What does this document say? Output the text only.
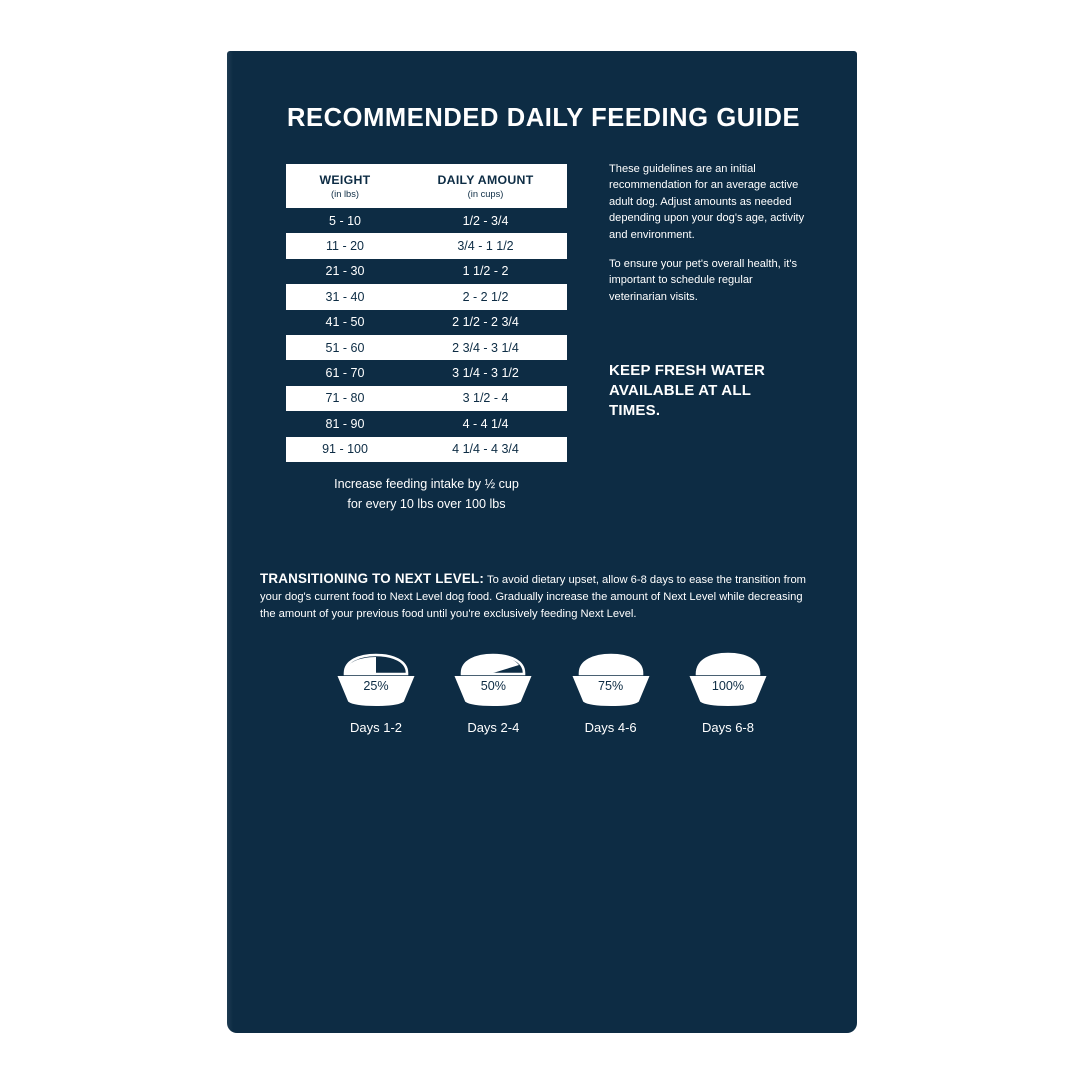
RECOMMENDED DAILY FEEDING GUIDE
WEIGHT
(in lbs)
DAILY AMOUNT
(in cups)
5 - 10	1/2 - 3/4
11 - 20	3/4 - 1 1/2
21 - 30	1 1/2 - 2
31 - 40	2 - 2 1/2
41 - 50	2 1/2 - 2 3/4
51 - 60	2 3/4 - 3 1/4
61 - 70	3 1/4 - 3 1/2
71 - 80	3 1/2 - 4
81 - 90	4 - 4 1/4
91 - 100	4 1/4 - 4 3/4
Increase feeding intake by ½ cup
for every 10 lbs over 100 lbs

These guidelines are an initial recommendation for an average active adult dog. Adjust amounts as needed depending upon your dog's age, activity and environment.

To ensure your pet's overall health, it's important to schedule regular veterinarian visits.

KEEP FRESH WATER AVAILABLE AT ALL TIMES.
TRANSITIONING TO NEXT LEVEL: To avoid dietary upset, allow 6-8 days to ease the transition from your dog's current food to Next Level dog food. Gradually increase the amount of Next Level while decreasing the amount of your previous food until you're exclusively feeding Next Level.
25%
Days 1-2
50%
Days 2-4
75%
Days 4-6
100%
Days 6-8
